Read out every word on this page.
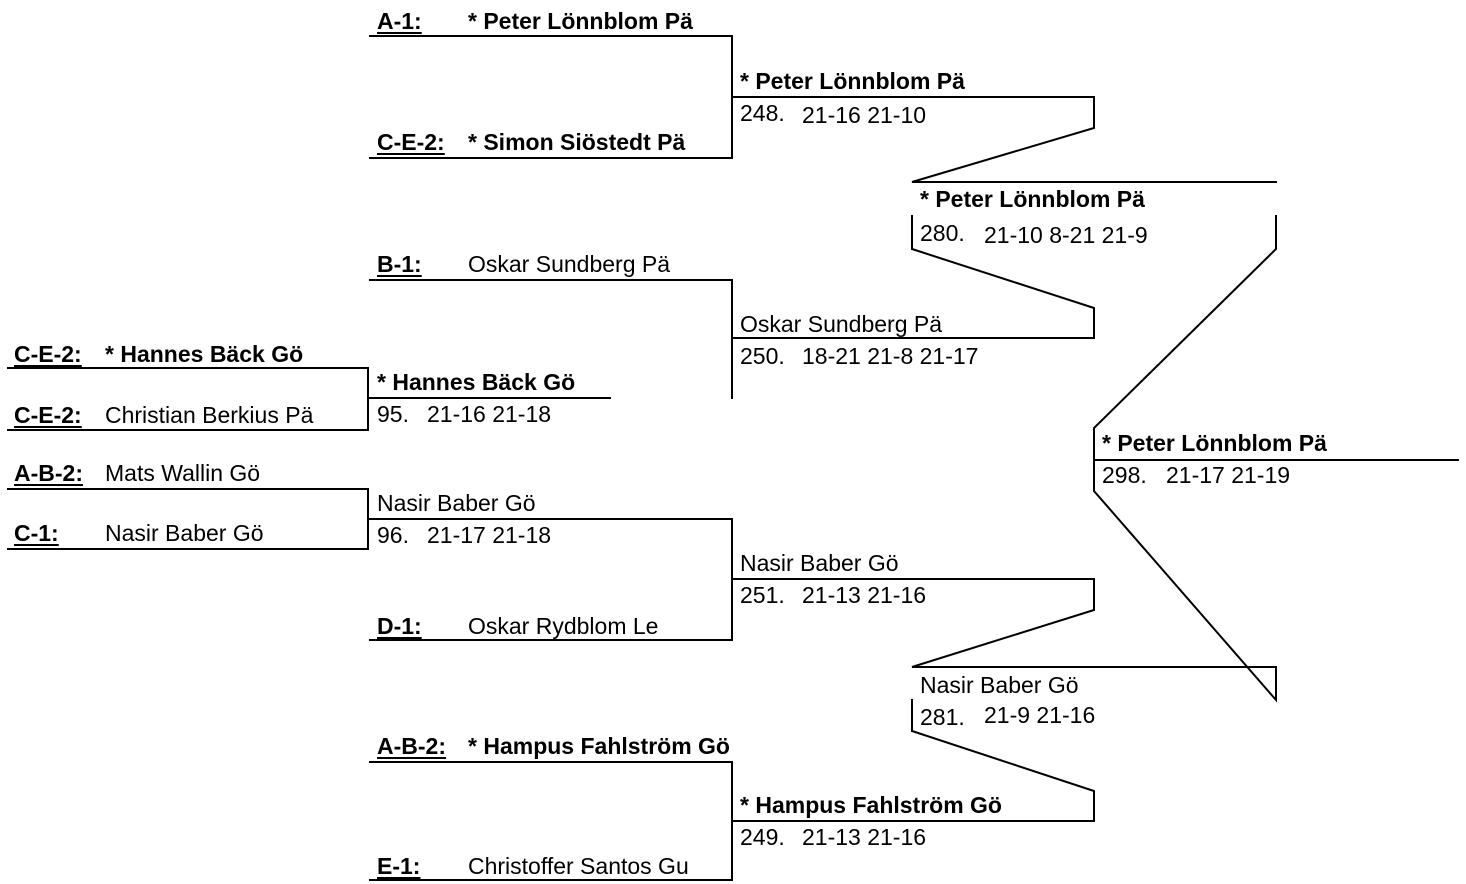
A-1: * Peter Lönnblom Pä
C-E-2: * Simon Siöstedt Pä
B-1: Oskar Sundberg Pä
C-E-2: * Hannes Bäck Gö
C-E-2: Christian Berkius Pä
A-B-2: Mats Wallin Gö
C-1: Nasir Baber Gö
* Hannes Bäck Gö
95. 21-16 21-18
Nasir Baber Gö
96. 21-17 21-18
D-1: Oskar Rydblom Le
A-B-2: * Hampus Fahlström Gö
E-1: Christoffer Santos Gu
* Peter Lönnblom Pä
248. 21-16 21-10
Oskar Sundberg Pä
250. 18-21 21-8 21-17
Nasir Baber Gö
251. 21-13 21-16
* Hampus Fahlström Gö
249. 21-13 21-16
* Peter Lönnblom Pä
280. 21-10 8-21 21-9
Nasir Baber Gö
281. 21-9 21-16
* Peter Lönnblom Pä
298. 21-17 21-19
